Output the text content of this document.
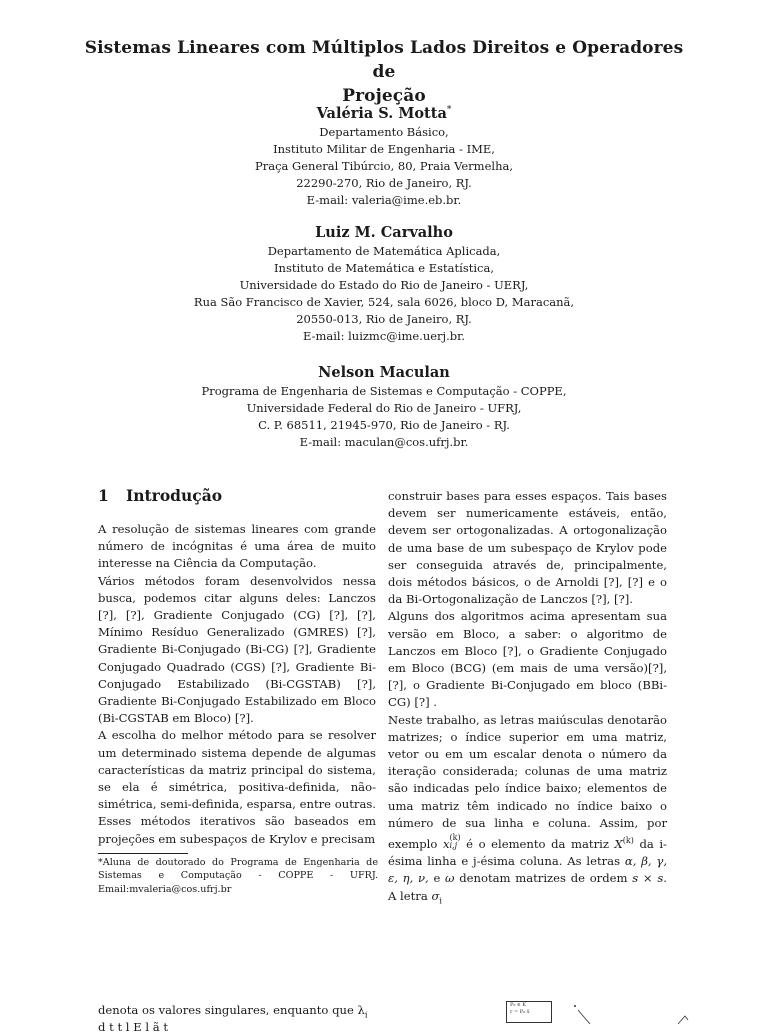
Sistemas Lineares com Múltiplos Lados Direitos e Operadores de
Projeção
Valéria S. Motta*
Departamento Básico,
Instituto Militar de Engenharia - IME,
Praça General Tibúrcio, 80, Praia Vermelha,
22290-270, Rio de Janeiro, RJ.
E-mail: valeria@ime.eb.br.
Luiz M. Carvalho
Departamento de Matemática Aplicada,
Instituto de Matemática e Estatística,
Universidade do Estado do Rio de Janeiro - UERJ,
Rua São Francisco de Xavier, 524, sala 6026, bloco D, Maracanã,
20550-013, Rio de Janeiro, RJ.
E-mail: luizmc@ime.uerj.br.
Nelson Maculan
Programa de Engenharia de Sistemas e Computação - COPPE,
Universidade Federal do Rio de Janeiro - UFRJ,
C. P. 68511, 21945-970, Rio de Janeiro - RJ.
E-mail: maculan@cos.ufrj.br.
1 Introdução

A resolução de sistemas lineares com grande número de incógnitas é uma área de muito interesse na Ciência da Computação.

Vários métodos foram desenvolvidos nessa busca, podemos citar alguns deles: Lanczos [?], [?], Gradiente Conjugado (CG) [?], [?], Mínimo Resíduo Generalizado (GMRES) [?], Gradiente Bi-Conjugado (Bi-CG) [?], Gradiente Conjugado Quadrado (CGS) [?], Gradiente Bi-Conjugado Estabilizado (Bi-CGSTAB) [?], Gradiente Bi-Conjugado Estabilizado em Bloco (Bi-CGSTAB em Bloco) [?].

A escolha do melhor método para se resolver um determinado sistema depende de algumas características da matriz principal do sistema, se ela é simétrica, positiva-definida, não-simétrica, semi-definida, esparsa, entre outras. Esses métodos iterativos são baseados em projeções em subespaços de Krylov e precisam

*Aluna de doutorado do Programa de Engenharia de Sistemas e Computação - COPPE - UFRJ. Email:mvaleria@cos.ufrj.br

construir bases para esses espaços. Tais bases devem ser numericamente estáveis, então, devem ser ortogonalizadas. A ortogonalização de uma base de um subespaço de Krylov pode ser conseguida através de, principalmente, dois métodos básicos, o de Arnoldi [?], [?] e o da Bi-Ortogonalização de Lanczos [?], [?].

Alguns dos algoritmos acima apresentam sua versão em Bloco, a saber: o algoritmo de Lanczos em Bloco [?], o Gradiente Conjugado em Bloco (BCG) (em mais de uma versão)[?], [?], o Gradiente Bi-Conjugado em bloco (BBi-CG) [?] .

Neste trabalho, as letras maiúsculas denotarão matrizes; o índice superior em uma matriz, vetor ou em um escalar denota o número da iteração considerada; colunas de uma matriz são indicadas pelo índice baixo; elementos de uma matriz têm indicado no índice baixo o número de sua linha e coluna. Assim, por exemplo x (k)
i,j é o elemento da matriz $X^{(k)}$ da i-ésima linha e j-ésima coluna. As letras α, β, γ, ε, η, ν, e ω denotam matrizes de ordem s × s. A letra $\sigma_i$

denota os valores singulares, enquanto que $\lambda_i$
d t t l E l ã t
P₀ ∈ K
r = P₀ x̂
